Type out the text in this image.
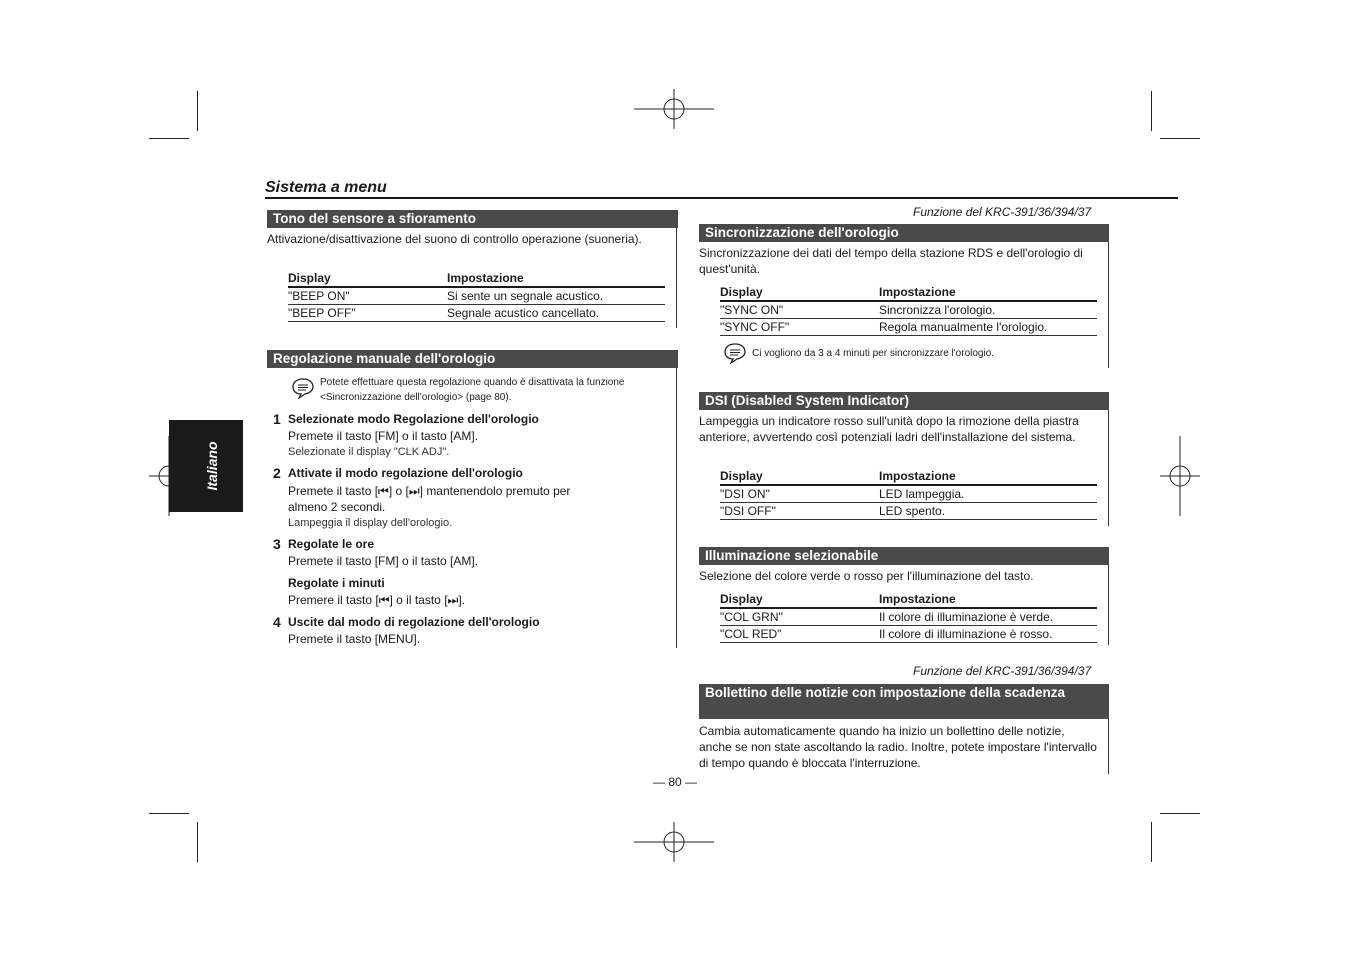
Italiano
Sistema a menu
Tono del sensore a sfioramento
Attivazione/disattivazione del suono di controllo operazione (suoneria).
Display	Impostazione
"BEEP ON"	Si sente un segnale acustico.
"BEEP OFF"	Segnale acustico cancellato.
Regolazione manuale dell'orologio
Potete effettuare questa regolazione quando è disattivata la funzione <Sincronizzazione dell'orologio> (page 80).
1 Selezionate modo Regolazione dell'orologio
Premete il tasto [FM] o il tasto [AM].
Selezionate il display "CLK ADJ".
2 Attivate il modo regolazione dell'orologio
Premete il tasto [⏮] o [⏭] mantenendolo premuto per
almeno 2 secondi.
Lampeggia il display dell'orologio.
3 Regolate le ore
Premete il tasto [FM] o il tasto [AM].
Regolate i minuti
Premere il tasto [⏮] o il tasto [⏭].
4 Uscite dal modo di regolazione dell'orologio
Premete il tasto [MENU].
Funzione del KRC-391/36/394/37
Sincronizzazione dell'orologio
Sincronizzazione dei dati del tempo della stazione RDS e dell'orologio di quest'unità.
Display	Impostazione
"SYNC ON"	Sincronizza l'orologio.
"SYNC OFF"	Regola manualmente l'orologio.
Ci vogliono da 3 a 4 minuti per sincronizzare l'orologio.
DSI (Disabled System Indicator)
Lampeggia un indicatore rosso sull'unità dopo la rimozione della piastra anteriore, avvertendo così potenziali ladri dell'installazione del sistema.
Display	Impostazione
"DSI ON"	LED lampeggia.
"DSI OFF"	LED spento.
Illuminazione selezionabile
Selezione del colore verde o rosso per l'illuminazione del tasto.
Display	Impostazione
"COL GRN"	Il colore di illuminazione è verde.
"COL RED"	Il colore di illuminazione è rosso.
Funzione del KRC-391/36/394/37
Bollettino delle notizie con impostazione della scadenza
Cambia automaticamente quando ha inizio un bollettino delle notizie, anche se non state ascoltando la radio. Inoltre, potete impostare l'intervallo di tempo quando è bloccata l'interruzione.
— 80 —
